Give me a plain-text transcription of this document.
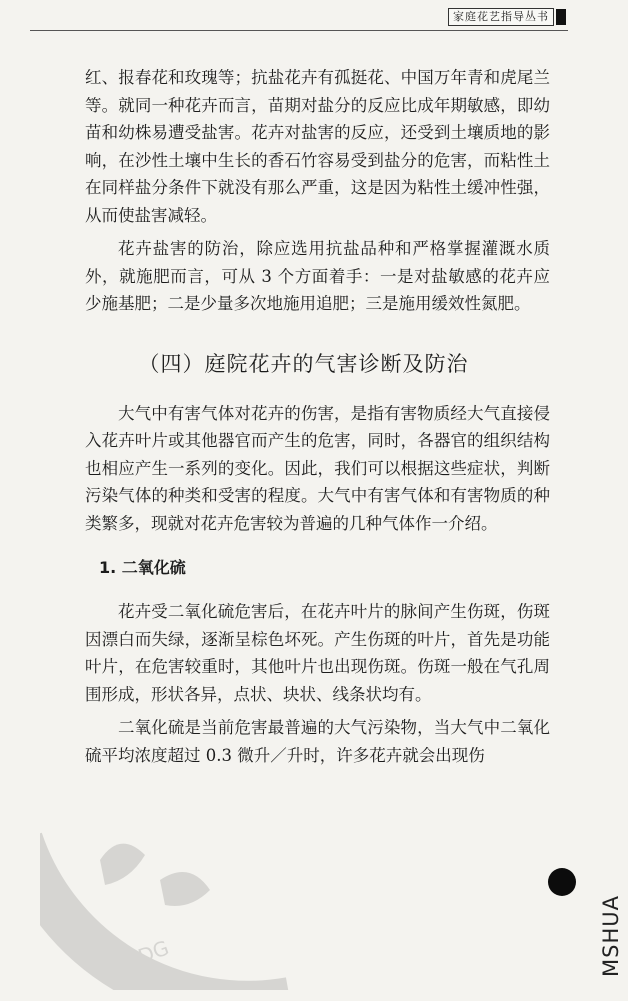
家庭花艺指导丛书

红、报春花和玫瑰等；抗盐花卉有孤挺花、中国万年青和虎尾兰等。就同一种花卉而言，苗期对盐分的反应比成年期敏感，即幼苗和幼株易遭受盐害。花卉对盐害的反应，还受到土壤质地的影响，在沙性土壤中生长的香石竹容易受到盐分的危害，而粘性土在同样盐分条件下就没有那么严重，这是因为粘性土缓冲性强，从而使盐害减轻。

花卉盐害的防治，除应选用抗盐品种和严格掌握灌溉水质外，就施肥而言，可从 3 个方面着手：一是对盐敏感的花卉应少施基肥；二是少量多次地施用追肥；三是施用缓效性氮肥。

（四）庭院花卉的气害诊断及防治

大气中有害气体对花卉的伤害，是指有害物质经大气直接侵入花卉叶片或其他器官而产生的危害，同时，各器官的组织结构也相应产生一系列的变化。因此，我们可以根据这些症状，判断污染气体的种类和受害的程度。大气中有害气体和有害物质的种类繁多，现就对花卉危害较为普遍的几种气体作一介绍。

1. 二氧化硫

花卉受二氧化硫危害后，在花卉叶片的脉间产生伤斑，伤斑因漂白而失绿，逐渐呈棕色坏死。产生伤斑的叶片，首先是功能叶片，在危害较重时，其他叶片也出现伤斑。伤斑一般在气孔周围形成，形状各异，点状、块状、线条状均有。

二氧化硫是当前危害最普遍的大气污染物，当大气中二氧化硫平均浓度超过 0.3 微升／升时，许多花卉就会出现伤

PDG	MSHUA
